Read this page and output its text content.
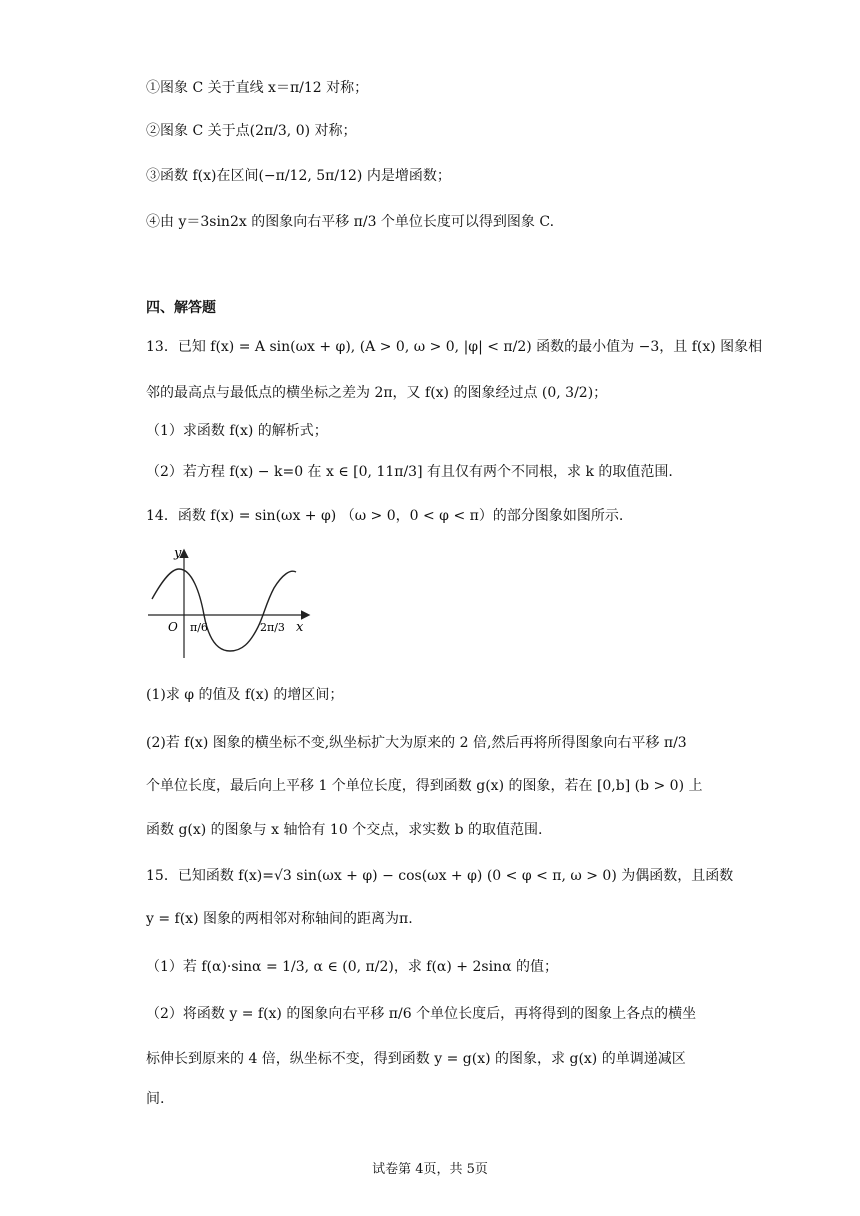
①图象 C 关于直线 x＝π/12 对称；
②图象 C 关于点(2π/3, 0) 对称；
③函数 f(x)在区间(−π/12, 5π/12) 内是增函数；
④由 y＝3sin2x 的图象向右平移 π/3 个单位长度可以得到图象 C.
四、解答题
13．已知 f(x) = A sin(ωx + φ), (A > 0, ω > 0, |φ| < π/2) 函数的最小值为 −3，且 f(x) 图象相
邻的最高点与最低点的横坐标之差为 2π，又 f(x) 的图象经过点 (0, 3/2)；
（1）求函数 f(x) 的解析式；
（2）若方程 f(x) − k=0 在 x ∈ [0, 11π/3] 有且仅有两个不同根，求 k 的取值范围.
14．函数 f(x) = sin(ωx + φ) （ω > 0，0 < φ < π）的部分图象如图所示.
y
x
O π/6	2π/3
(1)求 φ 的值及 f(x) 的增区间；
(2)若 f(x) 图象的横坐标不变,纵坐标扩大为原来的 2 倍,然后再将所得图象向右平移 π/3
个单位长度，最后向上平移 1 个单位长度，得到函数 g(x) 的图象，若在 [0,b] (b > 0) 上
函数 g(x) 的图象与 x 轴恰有 10 个交点，求实数 b 的取值范围.
15．已知函数 f(x)=√3 sin(ωx + φ) − cos(ωx + φ) (0 < φ < π, ω > 0) 为偶函数，且函数
y = f(x) 图象的两相邻对称轴间的距离为π.
（1）若 f(α)·sinα = 1/3, α ∈ (0, π/2)，求 f(α) + 2sinα 的值；
（2）将函数 y = f(x) 的图象向右平移 π/6 个单位长度后，再将得到的图象上各点的横坐
标伸长到原来的 4 倍，纵坐标不变，得到函数 y = g(x) 的图象，求 g(x) 的单调递减区
间.
试卷第 4页，共 5页
